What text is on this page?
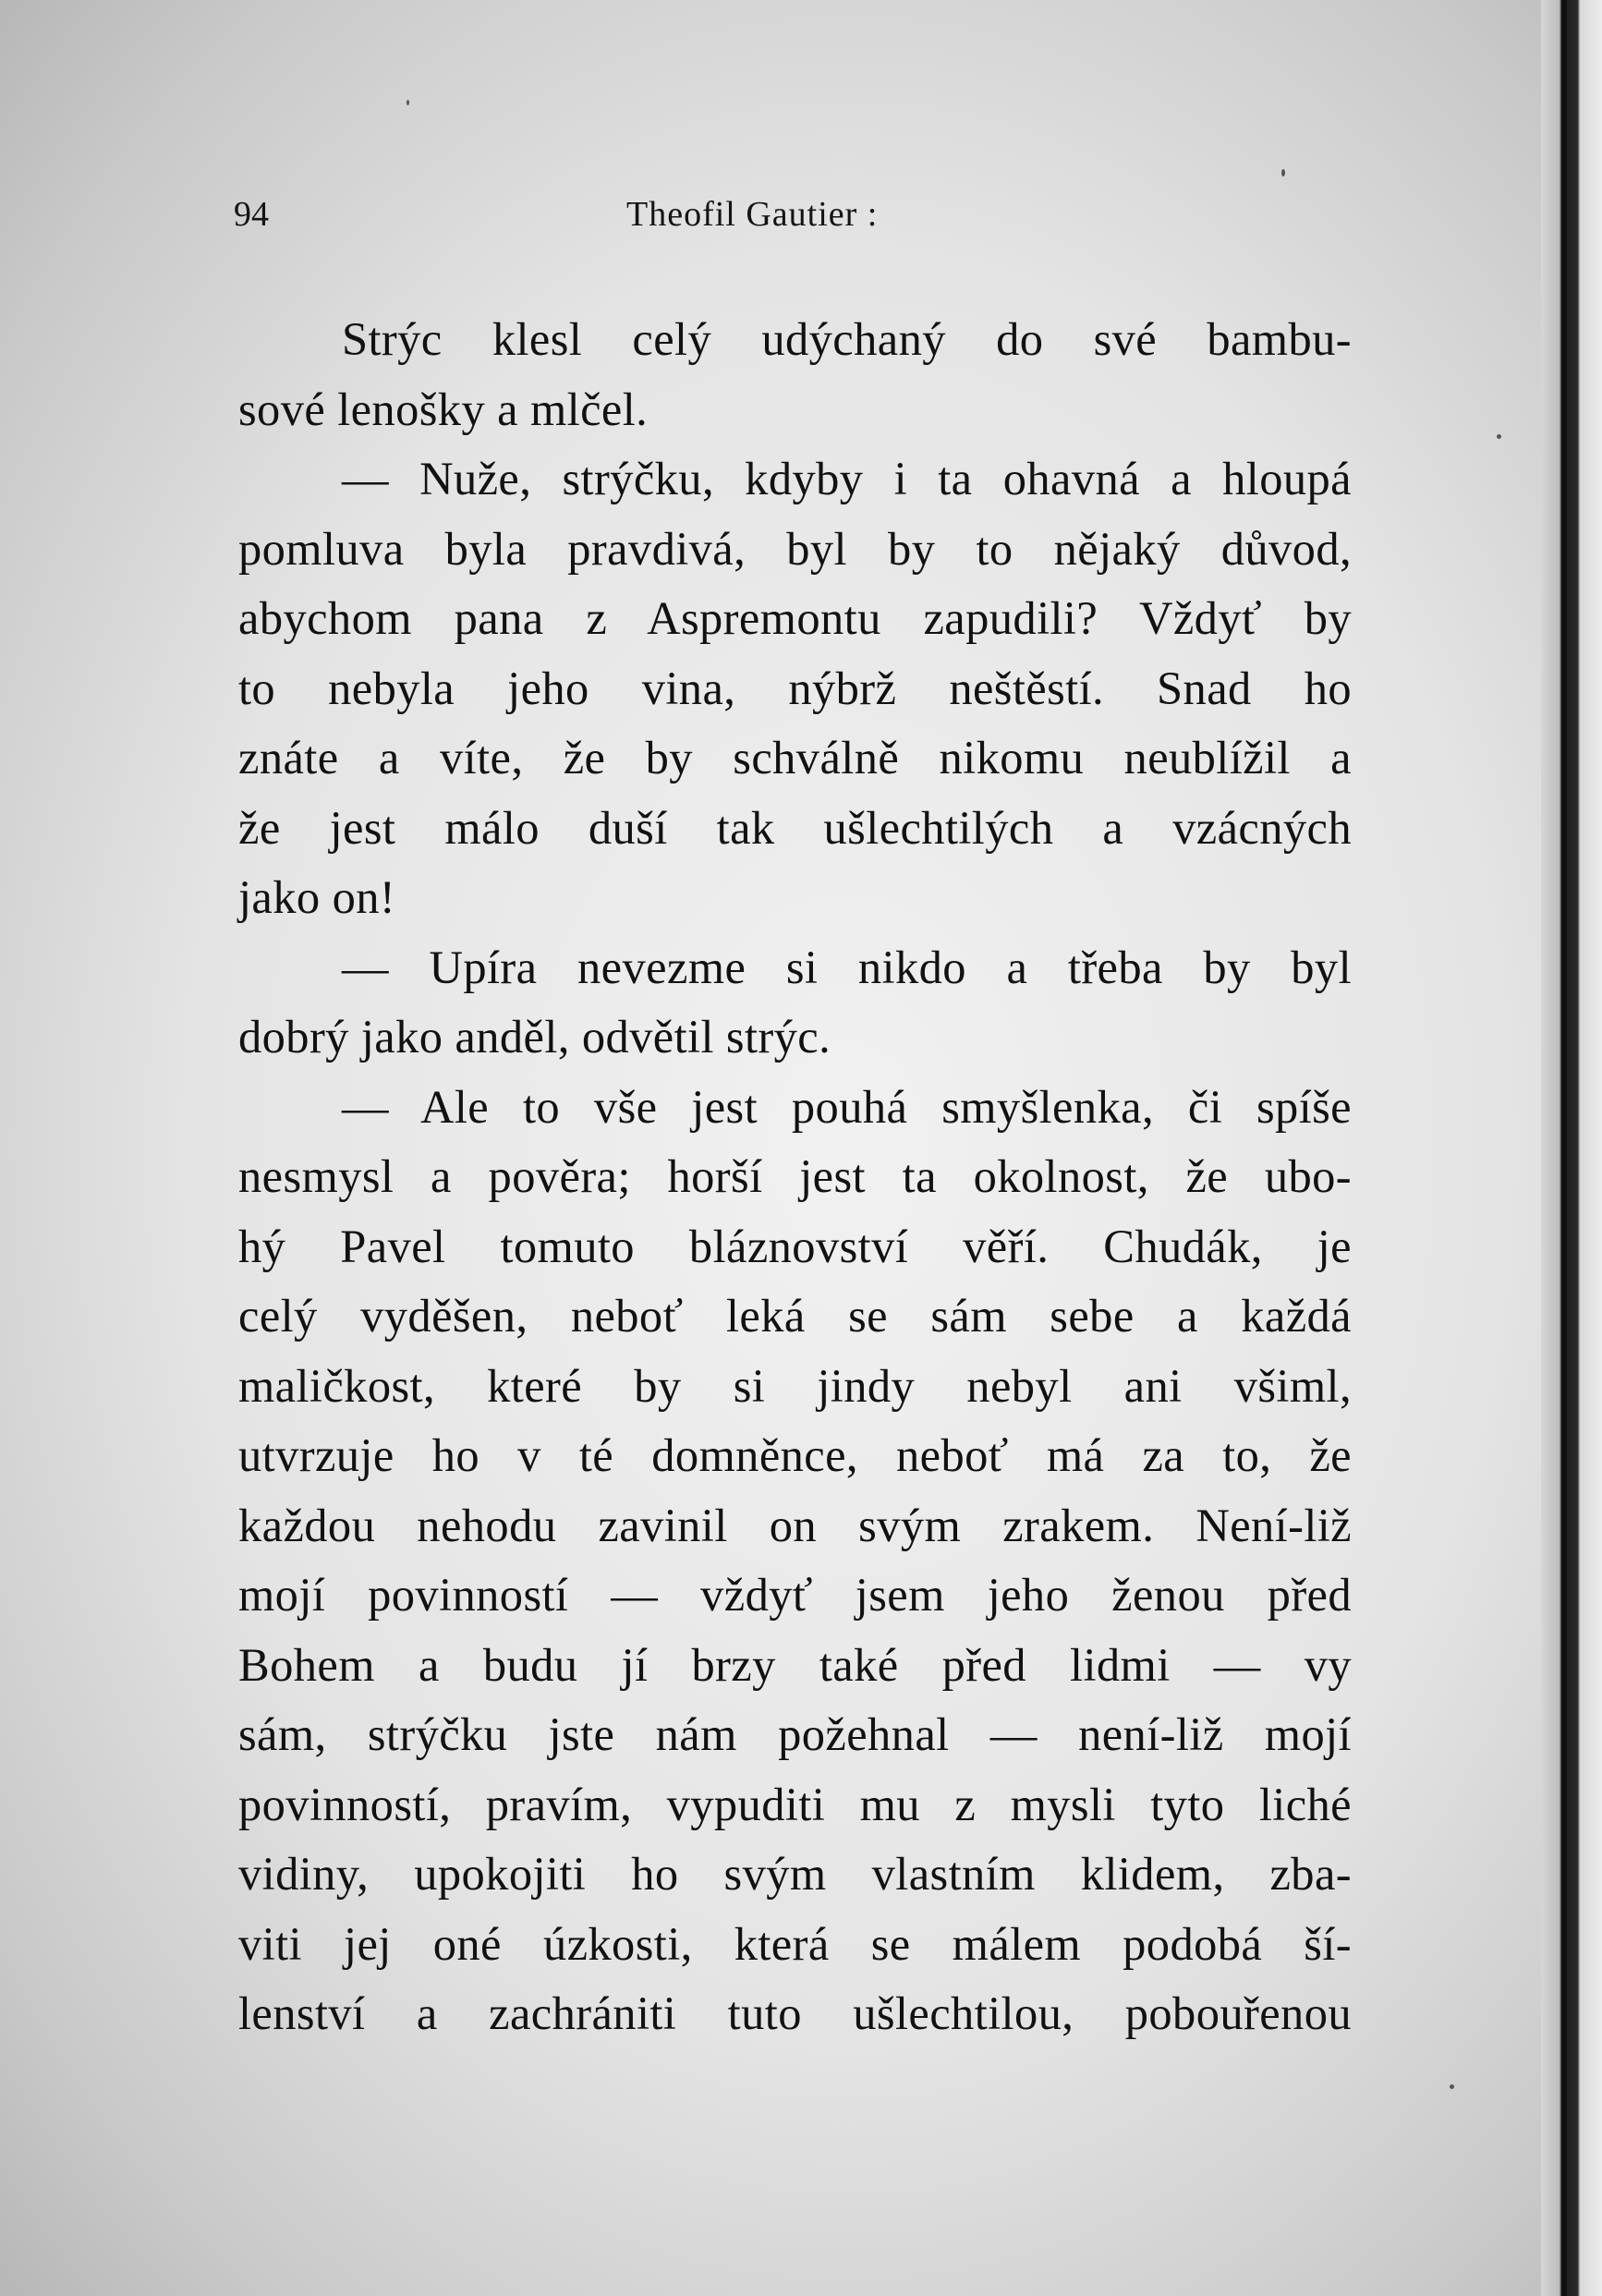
94	Theofil Gautier :
Strýc klesl celý udýchaný do své bambu-
sové lenošky a mlčel.
— Nuže, strýčku, kdyby i ta ohavná a hloupá
pomluva byla pravdivá, byl by to nějaký důvod,
abychom pana z Aspremontu zapudili? Vždyť by
to nebyla jeho vina, nýbrž neštěstí. Snad ho
znáte a víte, že by schválně nikomu neublížil a
že jest málo duší tak ušlechtilých a vzácných
jako on!
— Upíra nevezme si nikdo a třeba by byl
dobrý jako anděl, odvětil strýc.
— Ale to vše jest pouhá smyšlenka, či spíše
nesmysl a pověra; horší jest ta okolnost, že ubo-
hý Pavel tomuto bláznovství věří. Chudák, je
celý vyděšen, neboť leká se sám sebe a každá
maličkost, které by si jindy nebyl ani všiml,
utvrzuje ho v té domněnce, neboť má za to, že
každou nehodu zavinil on svým zrakem. Není-liž
mojí povinností — vždyť jsem jeho ženou před
Bohem a budu jí brzy také před lidmi — vy
sám, strýčku jste nám požehnal — není-liž mojí
povinností, pravím, vypuditi mu z mysli tyto liché
vidiny, upokojiti ho svým vlastním klidem, zba-
viti jej oné úzkosti, která se málem podobá ší-
lenství a zachrániti tuto ušlechtilou, pobouřenou
